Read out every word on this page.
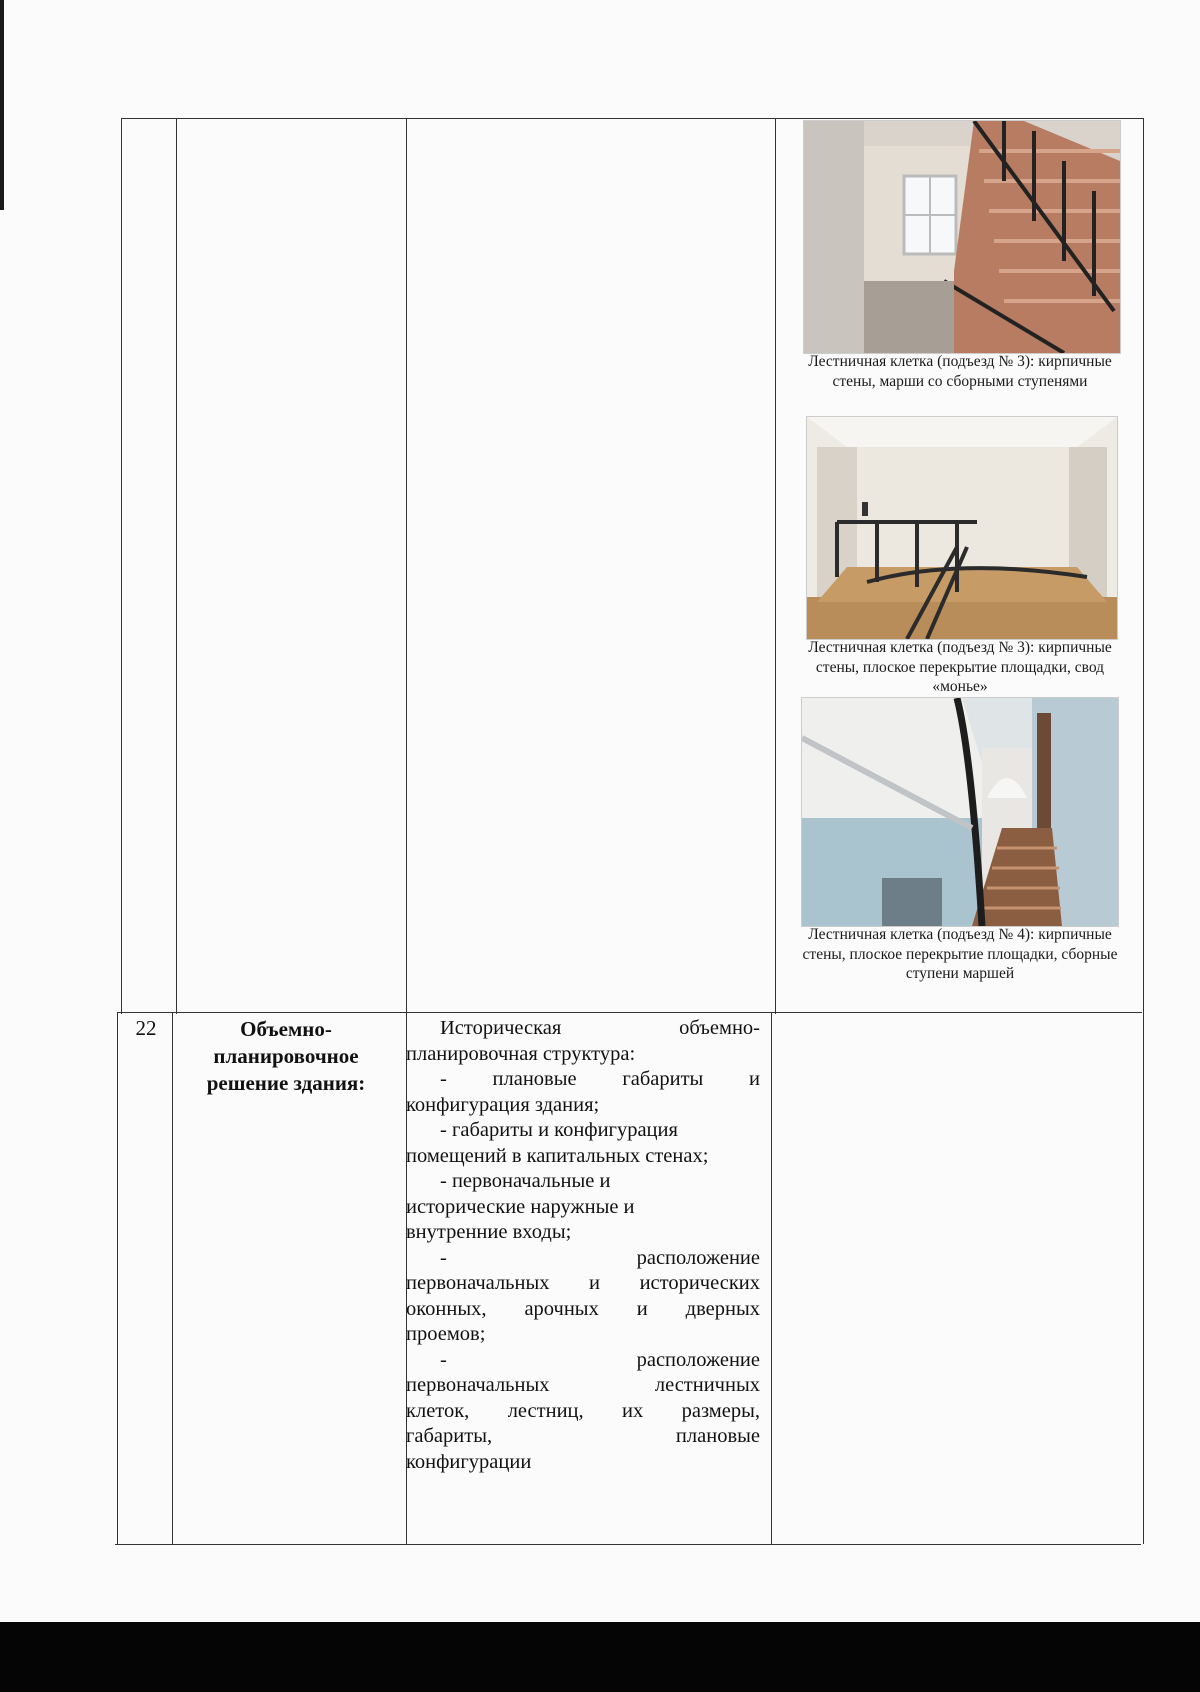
Лестничная клетка (подъезд № 3): кирпичные стены, марши со сборными ступенями
Лестничная клетка (подъезд № 3): кирпичные стены, плоское перекрытие площадки, свод «монье»
Лестничная клетка (подъезд № 4): кирпичные стены, плоское перекрытие площадки, сборные ступени маршей
22	Объемно-планировочное решение здания:

Историческая объемно-

планировочная структура:

- плановые габариты и

конфигурация здания;

- габариты и конфигурация

помещений в капитальных стенах;

- первоначальные и

исторические наружные и

внутренние входы;

- расположение

первоначальных и исторических

оконных, арочных и дверных

проемов;

- расположение

первоначальных лестничных

клеток, лестниц, их размеры,

габариты, плановые

конфигурации
